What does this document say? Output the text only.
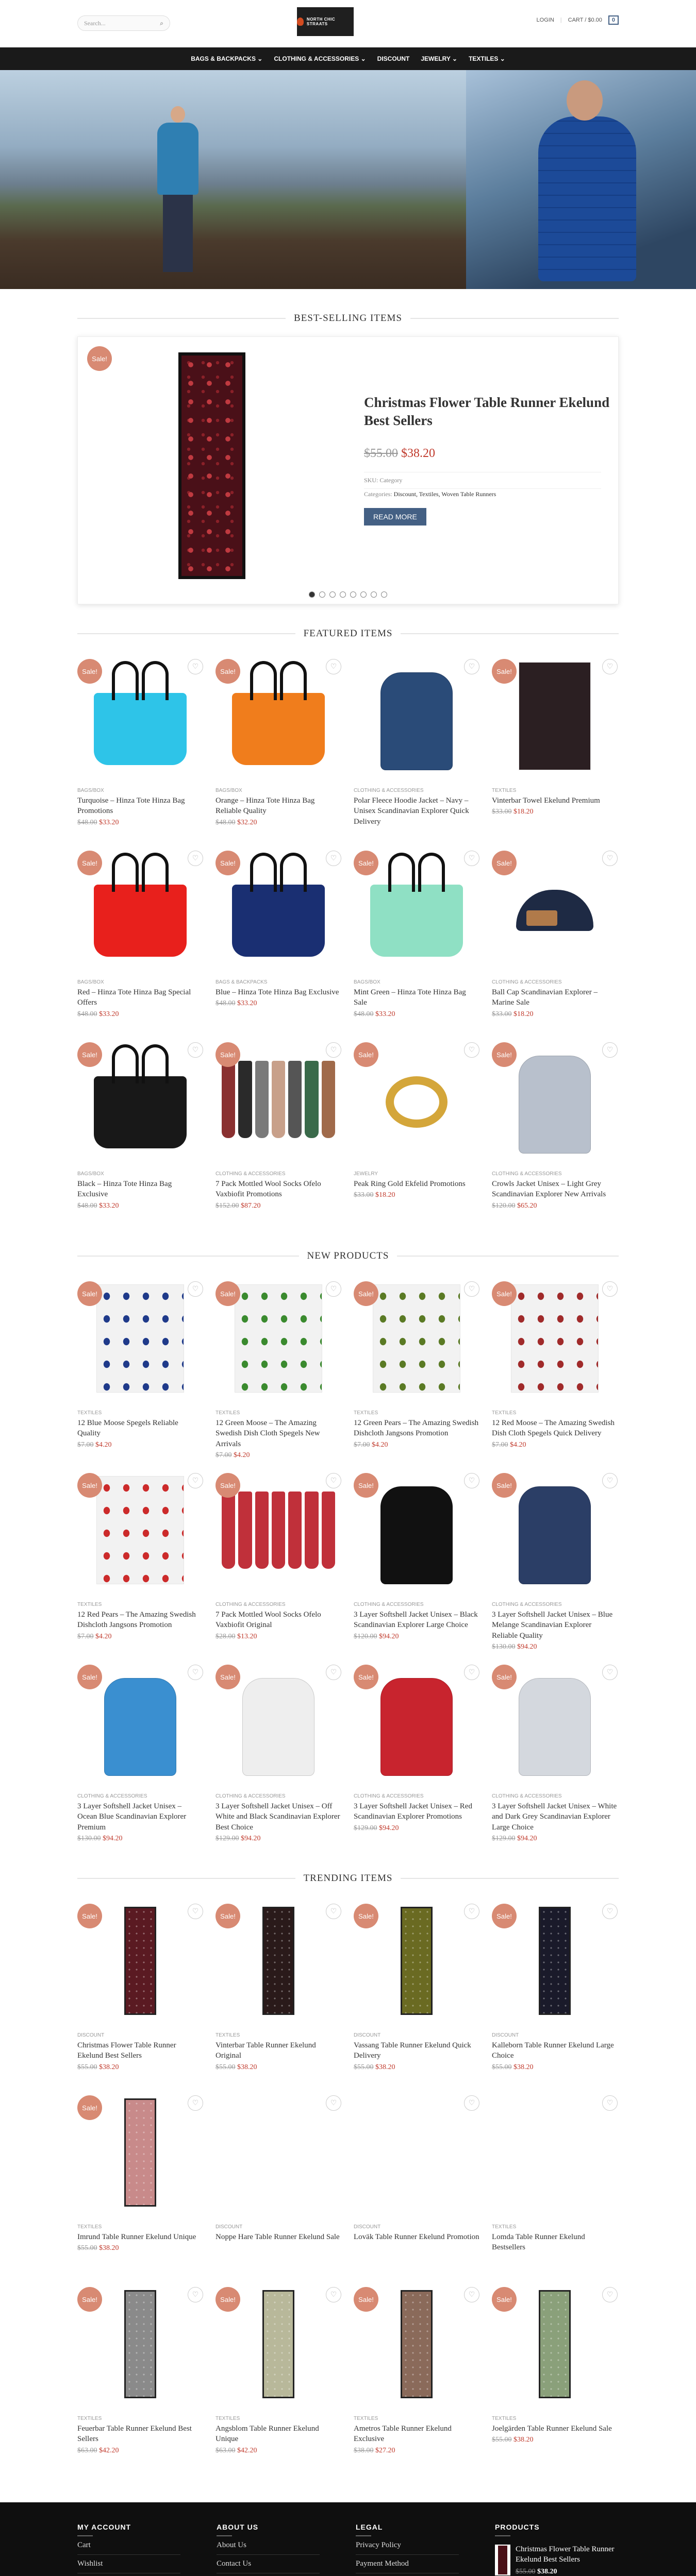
Search...	⌕	NORTH CHIC STRAATS
LOGIN | CART / $0.00	0
BAGS & BACKPACKS ⌄ CLOTHING & ACCESSORIES ⌄ DISCOUNT JEWELRY ⌄ TEXTILES ⌄
BEST-SELLING ITEMS
Sale!
Christmas Flower Table Runner Ekelund Best Sellers
$55.00 $38.20
SKU: Category
Categories: Discount, Textiles, Woven Table Runners
READ MORE
FEATURED ITEMS
Sale!
♡
BAGS/BOX
Turquoise – Hinza Tote Hinza Bag Promotions
$48.00 $33.20
Sale!
♡
BAGS/BOX
Orange – Hinza Tote Hinza Bag Reliable Quality
$48.00 $32.20
♡
CLOTHING & ACCESSORIES
Polar Fleece Hoodie Jacket – Navy – Unisex Scandinavian Explorer Quick Delivery
Sale!
♡
TEXTILES
Vinterbar Towel Ekelund Premium
$33.00 $18.20
Sale!
♡
BAGS/BOX
Red – Hinza Tote Hinza Bag Special Offers
$48.00 $33.20
Sale!
♡
BAGS & BACKPACKS
Blue – Hinza Tote Hinza Bag Exclusive
$48.00 $33.20
Sale!
♡
BAGS/BOX
Mint Green – Hinza Tote Hinza Bag Sale
$48.00 $33.20
Sale!
♡
CLOTHING & ACCESSORIES
Ball Cap Scandinavian Explorer – Marine Sale
$33.00 $18.20
Sale!
♡
BAGS/BOX
Black – Hinza Tote Hinza Bag Exclusive
$48.00 $33.20
Sale!
♡
CLOTHING & ACCESSORIES
7 Pack Mottled Wool Socks Ofelo Vaxbiofit Promotions
$152.00 $87.20
Sale!
♡
JEWELRY
Peak Ring Gold Ekfelid Promotions
$33.00 $18.20
Sale!
♡
CLOTHING & ACCESSORIES
Crowls Jacket Unisex – Light Grey Scandinavian Explorer New Arrivals
$120.00 $65.20
NEW PRODUCTS
Sale!
♡
TEXTILES
12 Blue Moose Spegels Reliable Quality
$7.00 $4.20
Sale!
♡
TEXTILES
12 Green Moose – The Amazing Swedish Dish Cloth Spegels New Arrivals
$7.00 $4.20
Sale!
♡
TEXTILES
12 Green Pears – The Amazing Swedish Dishcloth Jangsons Promotion
$7.00 $4.20
Sale!
♡
TEXTILES
12 Red Moose – The Amazing Swedish Dish Cloth Spegels Quick Delivery
$7.00 $4.20
Sale!
♡
TEXTILES
12 Red Pears – The Amazing Swedish Dishcloth Jangsons Promotion
$7.00 $4.20
Sale!
♡
CLOTHING & ACCESSORIES
7 Pack Mottled Wool Socks Ofelo Vaxbiofit Original
$28.00 $13.20
Sale!
♡
CLOTHING & ACCESSORIES
3 Layer Softshell Jacket Unisex – Black Scandinavian Explorer Large Choice
$120.00 $94.20
Sale!
♡
CLOTHING & ACCESSORIES
3 Layer Softshell Jacket Unisex – Blue Melange Scandinavian Explorer Reliable Quality
$130.00 $94.20
Sale!
♡
CLOTHING & ACCESSORIES
3 Layer Softshell Jacket Unisex – Ocean Blue Scandinavian Explorer Premium
$130.00 $94.20
Sale!
♡
CLOTHING & ACCESSORIES
3 Layer Softshell Jacket Unisex – Off White and Black Scandinavian Explorer Best Choice
$129.00 $94.20
Sale!
♡
CLOTHING & ACCESSORIES
3 Layer Softshell Jacket Unisex – Red Scandinavian Explorer Promotions
$129.00 $94.20
Sale!
♡
CLOTHING & ACCESSORIES
3 Layer Softshell Jacket Unisex – White and Dark Grey Scandinavian Explorer Large Choice
$129.00 $94.20
TRENDING ITEMS
Sale!
♡
DISCOUNT
Christmas Flower Table Runner Ekelund Best Sellers
$55.00 $38.20
Sale!
♡
TEXTILES
Vinterbar Table Runner Ekelund Original
$55.00 $38.20
Sale!
♡
DISCOUNT
Vassang Table Runner Ekelund Quick Delivery
$55.00 $38.20
Sale!
♡
DISCOUNT
Kalleborn Table Runner Ekelund Large Choice
$55.00 $38.20
Sale!
♡
TEXTILES
Imrund Table Runner Ekelund Unique
$55.00 $38.20
♡
DISCOUNT
Noppe Hare Table Runner Ekelund Sale
♡
DISCOUNT
Loväk Table Runner Ekelund Promotion
♡
TEXTILES
Lomda Table Runner Ekelund Bestsellers
Sale!
♡
TEXTILES
Feuerbar Table Runner Ekelund Best Sellers
$63.00 $42.20
Sale!
♡
TEXTILES
Angsblom Table Runner Ekelund Unique
$63.00 $42.20
Sale!
♡
TEXTILES
Ametros Table Runner Ekelund Exclusive
$38.00 $27.20
Sale!
♡
TEXTILES
Joelgärden Table Runner Ekelund Sale
$55.00 $38.20
MY ACCOUNT

Cart

Wishlist

ABOUT US

About Us

Contact Us

LEGAL

Privacy Policy

Payment Method

PRODUCTS
Christmas Flower Table Runner Ekelund Best Sellers
$55.00 $38.20
